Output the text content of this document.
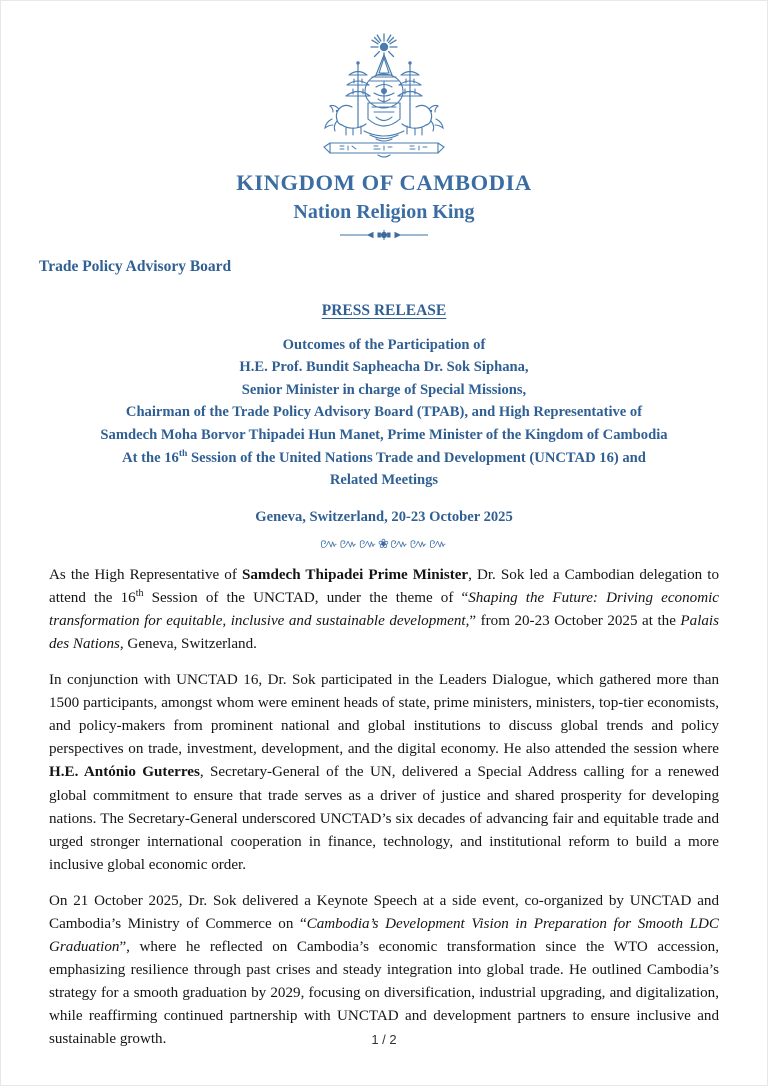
KINGDOM OF CAMBODIA
Nation Religion King
Trade Policy Advisory Board
PRESS RELEASE
Outcomes of the Participation of
H.E. Prof. Bundit Sapheacha Dr. Sok Siphana,
Senior Minister in charge of Special Missions,
Chairman of the Trade Policy Advisory Board (TPAB), and High Representative of
Samdech Moha Borvor Thipadei Hun Manet, Prime Minister of the Kingdom of Cambodia
At the 16th Session of the United Nations Trade and Development (UNCTAD 16) and
Related Meetings
Geneva, Switzerland, 20-23 October 2025
៚៚៚❀៚៚៚

As the High Representative of Samdech Thipadei Prime Minister, Dr. Sok led a Cambodian delegation to attend the 16th Session of the UNCTAD, under the theme of “Shaping the Future: Driving economic transformation for equitable, inclusive and sustainable development,” from 20-23 October 2025 at the Palais des Nations, Geneva, Switzerland.

In conjunction with UNCTAD 16, Dr. Sok participated in the Leaders Dialogue, which gathered more than 1500 participants, amongst whom were eminent heads of state, prime ministers, ministers, top-tier economists, and policy-makers from prominent national and global institutions to discuss global trends and policy perspectives on trade, investment, development, and the digital economy. He also attended the session where H.E. António Guterres, Secretary-General of the UN, delivered a Special Address calling for a renewed global commitment to ensure that trade serves as a driver of justice and shared prosperity for developing nations. The Secretary-General underscored UNCTAD’s six decades of advancing fair and equitable trade and urged stronger international cooperation in finance, technology, and institutional reform to build a more inclusive global economic order.

On 21 October 2025, Dr. Sok delivered a Keynote Speech at a side event, co-organized by UNCTAD and Cambodia’s Ministry of Commerce on “Cambodia’s Development Vision in Preparation for Smooth LDC Graduation”, where he reflected on Cambodia’s economic transformation since the WTO accession, emphasizing resilience through past crises and steady integration into global trade. He outlined Cambodia’s strategy for a smooth graduation by 2029, focusing on diversification, industrial upgrading, and digitalization, while reaffirming continued partnership with UNCTAD and development partners to ensure inclusive and sustainable growth.	1 / 2
